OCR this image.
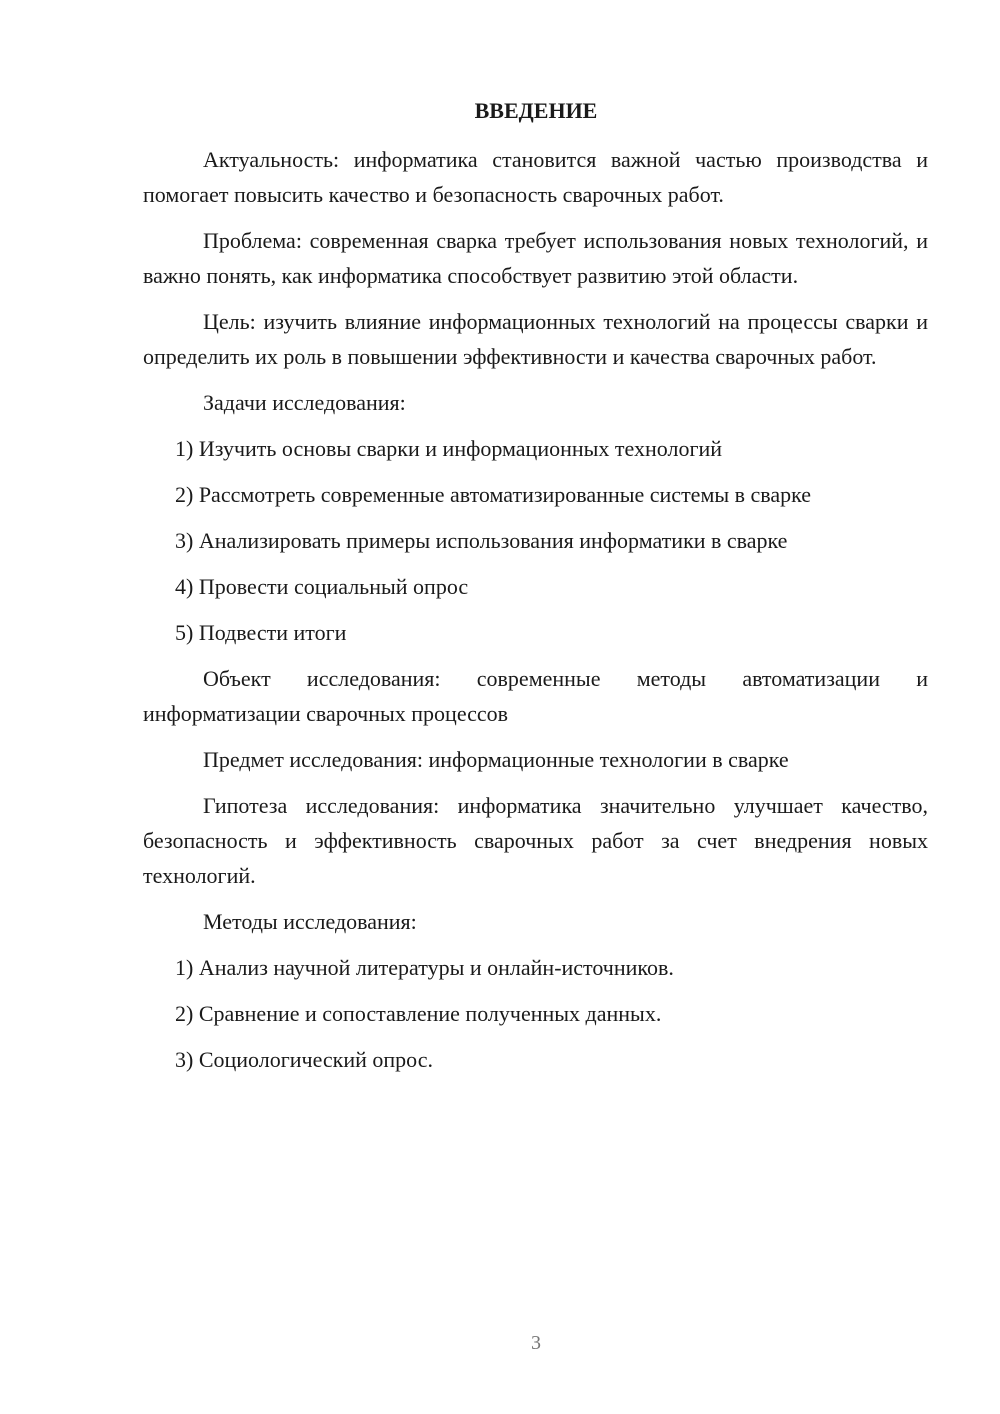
ВВЕДЕНИЕ

Актуальность: информатика становится важной частью производства и помогает повысить качество и безопасность сварочных работ.

Проблема: современная сварка требует использования новых технологий, и важно понять, как информатика способствует развитию этой области.

Цель: изучить влияние информационных технологий на процессы сварки и определить их роль в повышении эффективности и качества сварочных работ.

Задачи исследования:

1) Изучить основы сварки и информационных технологий

2) Рассмотреть современные автоматизированные системы в сварке

3) Анализировать примеры использования информатики в сварке

4) Провести социальный опрос

5) Подвести итоги

Объект исследования: современные методы автоматизации и информатизации сварочных процессов

Предмет исследования: информационные технологии в сварке

Гипотеза исследования: информатика значительно улучшает качество, безопасность и эффективность сварочных работ за счет внедрения новых технологий.

Методы исследования:

1) Анализ научной литературы и онлайн-источников.

2) Сравнение и сопоставление полученных данных.

3) Социологический опрос.

3
